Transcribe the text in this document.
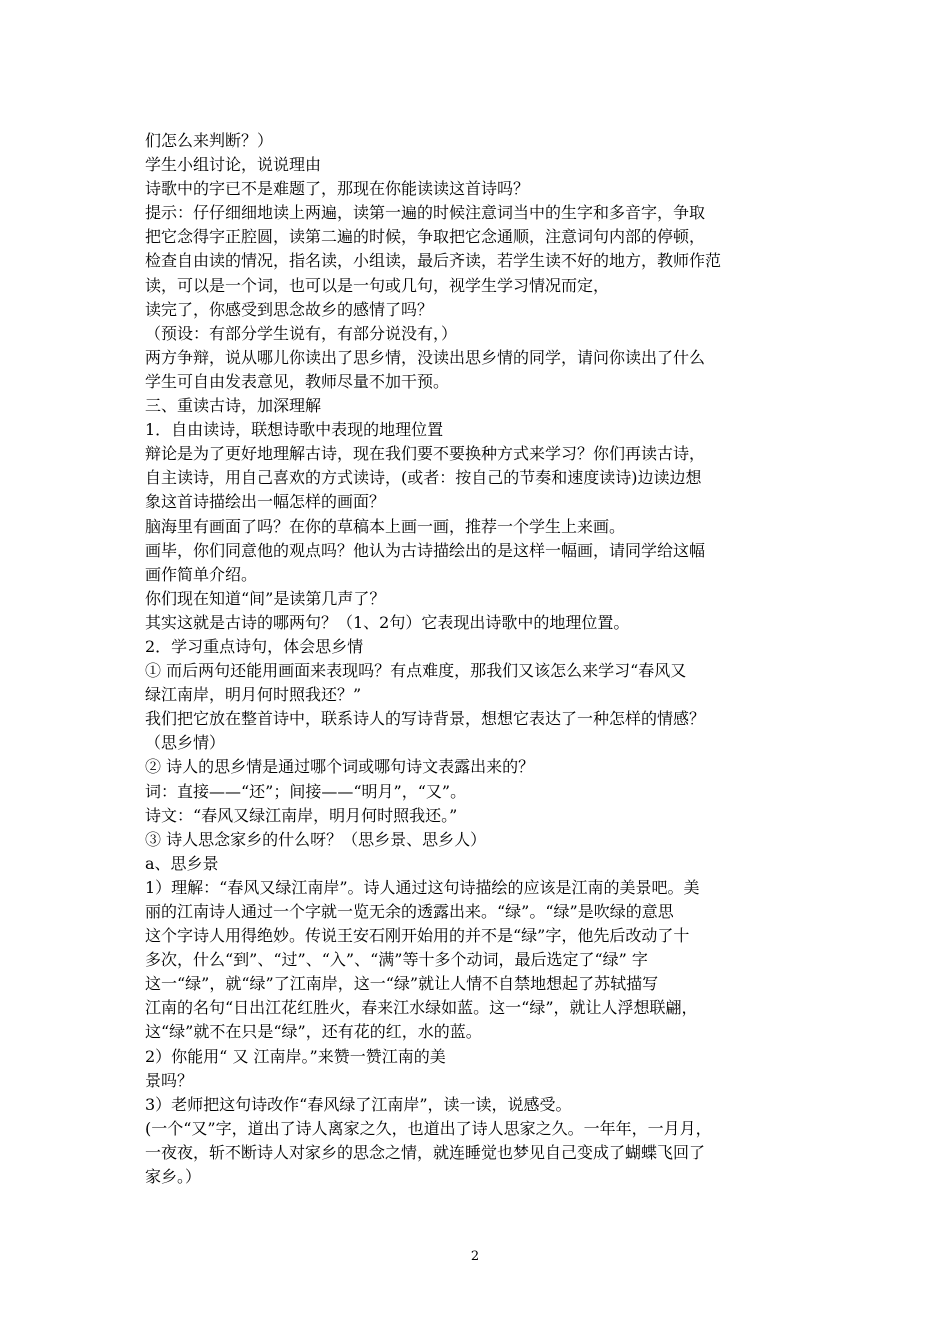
们怎么来判断？）
学生小组讨论，说说理由
诗歌中的字已不是难题了，那现在你能读读这首诗吗？
提示：仔仔细细地读上两遍，读第一遍的时候注意词当中的生字和多音字，争取
把它念得字正腔圆，读第二遍的时候，争取把它念通顺，注意词句内部的停顿，
检查自由读的情况，指名读，小组读，最后齐读，若学生读不好的地方，教师作范
读，可以是一个词，也可以是一句或几句，视学生学习情况而定，
读完了，你感受到思念故乡的感情了吗？
（预设：有部分学生说有，有部分说没有，）
两方争辩，说从哪儿你读出了思乡情，没读出思乡情的同学，请问你读出了什么
学生可自由发表意见，教师尽量不加干预。
三、重读古诗，加深理解
1．自由读诗，联想诗歌中表现的地理位置
辩论是为了更好地理解古诗，现在我们要不要换种方式来学习？你们再读古诗，
自主读诗，用自己喜欢的方式读诗，(或者：按自己的节奏和速度读诗)边读边想
象这首诗描绘出一幅怎样的画面？
脑海里有画面了吗？在你的草稿本上画一画，推荐一个学生上来画。
画毕，你们同意他的观点吗？他认为古诗描绘出的是这样一幅画，请同学给这幅
画作简单介绍。
你们现在知道“间”是读第几声了？
其实这就是古诗的哪两句？（1、2句）它表现出诗歌中的地理位置。
2．学习重点诗句，体会思乡情
① 而后两句还能用画面来表现吗？有点难度，那我们又该怎么来学习“春风又
绿江南岸，明月何时照我还？”
我们把它放在整首诗中，联系诗人的写诗背景，想想它表达了一种怎样的情感？
（思乡情）
② 诗人的思乡情是通过哪个词或哪句诗文表露出来的？
词：直接——“还”；间接——“明月”，“又”。
诗文：“春风又绿江南岸，明月何时照我还。”
③ 诗人思念家乡的什么呀？（思乡景、思乡人）
a、思乡景
1）理解：“春风又绿江南岸”。诗人通过这句诗描绘的应该是江南的美景吧。美
丽的江南诗人通过一个字就一览无余的透露出来。“绿”。“绿”是吹绿的意思
这个字诗人用得绝妙。传说王安石刚开始用的并不是“绿”字，他先后改动了十
多次，什么“到”、“过”、“入”、“满”等十多个动词，最后选定了“绿” 字
这一“绿”，就“绿”了江南岸，这一“绿”就让人情不自禁地想起了苏轼描写
江南的名句“日出江花红胜火，春来江水绿如蓝。这一“绿”，就让人浮想联翩，
这“绿”就不在只是“绿”，还有花的红，水的蓝。
2）你能用“ 又 江南岸。”来赞一赞江南的美
景吗？
3）老师把这句诗改作“春风绿了江南岸”，读一读，说感受。
(一个“又”字，道出了诗人离家之久，也道出了诗人思家之久。一年年，一月月，
一夜夜，斩不断诗人对家乡的思念之情，就连睡觉也梦见自己变成了蝴蝶飞回了
家乡。）
2
